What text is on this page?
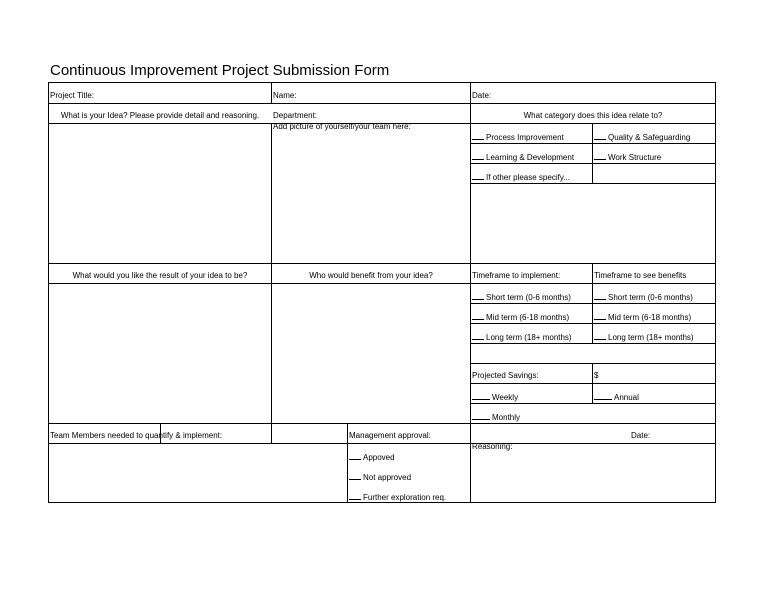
Continuous Improvement Project Submission Form
Project Title:	Name:	Date:
What is your Idea? Please provide detail and reasoning.	Department:	What category does this idea relate to?
Add picture of yourself/your team here:
Process Improvement	Quality & Safeguarding
Learning & Development	Work Structure
If other please specify...
What would you like the result of your idea to be?	Who would benefit from your idea?	Timeframe to implement:	Timeframe to see benefits
Short term (0-6 months)	Short term (0-6 months)
Mid term (6-18 months)	Mid term (6-18 months)
Long term (18+ months)	Long term (18+ months)
Projected Savings:	$
Weekly	Annual
Monthly
Team Members needed to quantify & implement:	Management approval:	Date:
Appoved
Not approved
Further exploration req.
Reasoning:
